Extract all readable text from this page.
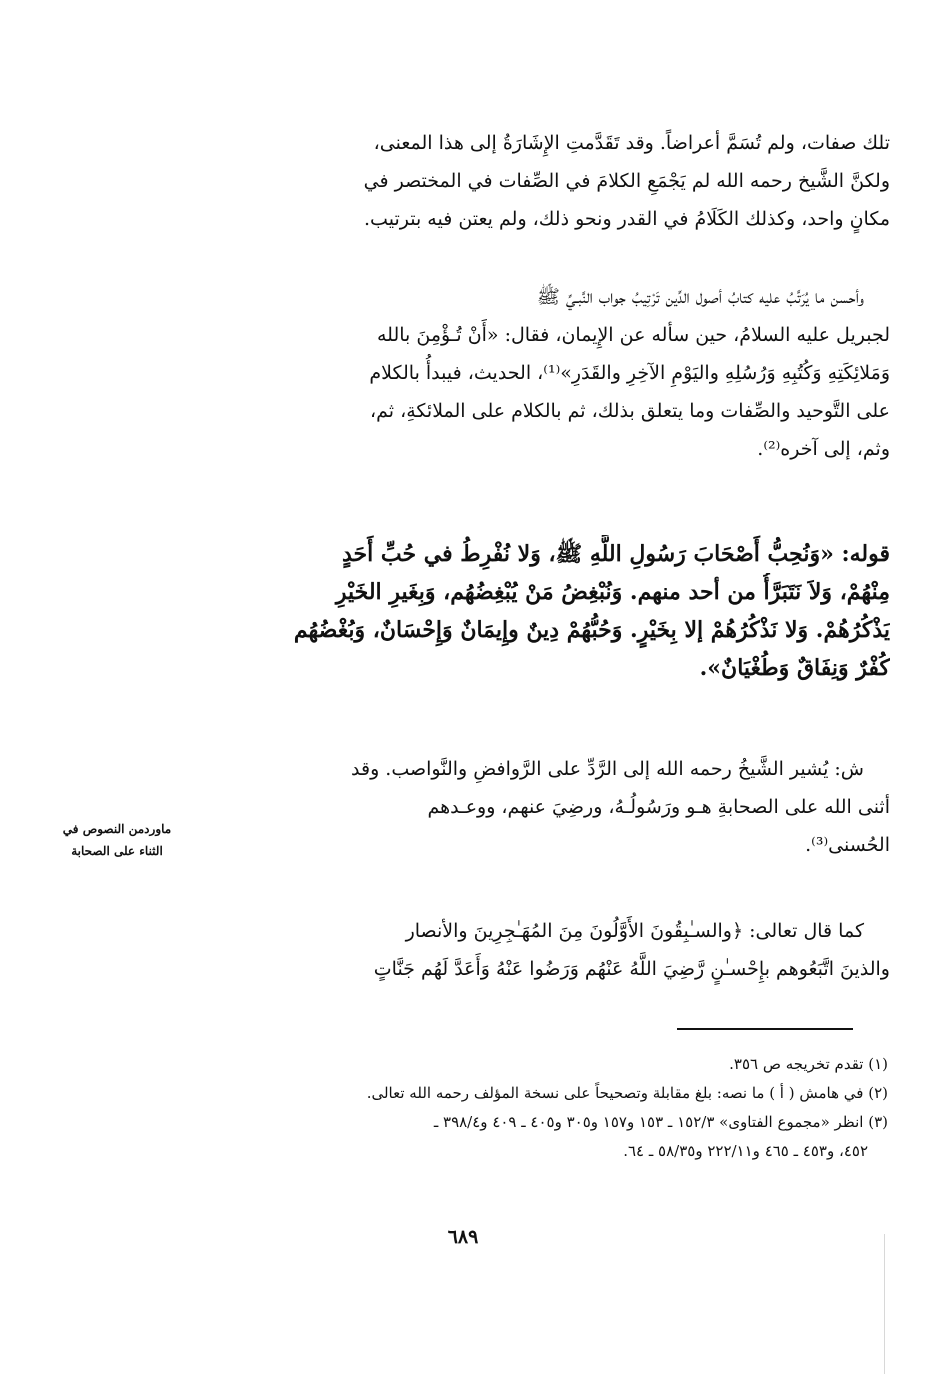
تلك صفات، ولم تُسَمَّ أعراضاً. وقد تَقَدَّمتِ الإِشَارَةُ إلى هذا المعنى،
ولكنَّ الشَّيخ رحمه الله لم يَجْمَعِ الكلامَ في الصِّفات في المختصر في
مكانٍ واحد، وكذلك الكَلَامُ في القدر ونحو ذلك، ولم يعتن فيه بترتيب.
وأحسن ما يُرَتَّبُ عليه كتابُ أصول الدِّين تَرْتِيبُ جواب النَّبـيِّ ﷺ
لجبريل عليه السلامُ، حين سأله عن الإِيمان، فقال: «أَنْ تُـؤْمِنَ بالله
وَمَلائِكَتِهِ وَكُتُبِهِ وَرُسُلِهِ واليَوْمِ الآخِرِ والقَدَرِ»⁽¹⁾، الحديث، فيبدأُ بالكلام
على التَّوحيد والصِّفات وما يتعلق بذلك، ثم بالكلام على الملائكةِ، ثم،
وثم، إلى آخره⁽²⁾.
قوله: «وَنُحِبُّ أَصْحَابَ رَسُولِ اللَّهِ ﷺ، وَلا نُفْرِطُ في حُبِّ أَحَدٍ
مِنْهُمْ، وَلاَ نَتَبَرَّأُ من أحد منهم. وَنُبْغِضُ مَنْ يُبْغِضُهُم، وَبِغَيرِ الخَيْرِ
يَذْكُرُهُمْ. وَلا نَذْكُرُهُمْ إلا بِخَيْرٍ. وَحُبُّهُمْ دِينٌ وإِيمَانٌ وَإِحْسَانٌ، وَبُغْضُهُم
كُفْرٌ وَنِفَاقٌ وَطُغْيَانٌ».
ش: يُشير الشَّيخُ رحمه الله إلى الرَّدِّ على الرَّوافضِ والنَّواصب. وقد
أثنى الله على الصحابةِ هـو ورَسُولُـهُ، ورضِيَ عنهم، ووعـدهم
الحُسنى⁽³⁾.
ماوردمن النصوص في
الثناء على الصحابة
كما قال تعالى: ﴿والسـٰبِقُونَ الأَوَّلُونَ مِنَ المُهَـٰجِرِينَ والأنصار
والذينَ اتَّبَعُوهم بإِحْسـٰنٍ رَّضِيَ اللَّهُ عَنْهُم وَرَضُوا عَنْهُ وَأَعَدَّ لَهُم جَنَّاتٍ
(١) تقدم تخريجه ص ٣٥٦.
(٢) في هامش ( أ ) ما نصه: بلغ مقابلة وتصحيحاً على نسخة المؤلف رحمه الله تعالى.
(٣) انظر «مجموع الفتاوى» ١٥٢/٣ ـ ١٥٣ و١٥٧ و٣٠٥ و٤٠٥ ـ ٤٠٩ و٣٩٨/٤ ـ
٤٥٢، و٤٥٣ ـ ٤٦٥ و٢٢٢/١١ و٥٨/٣٥ ـ ٦٤.
٦٨٩
